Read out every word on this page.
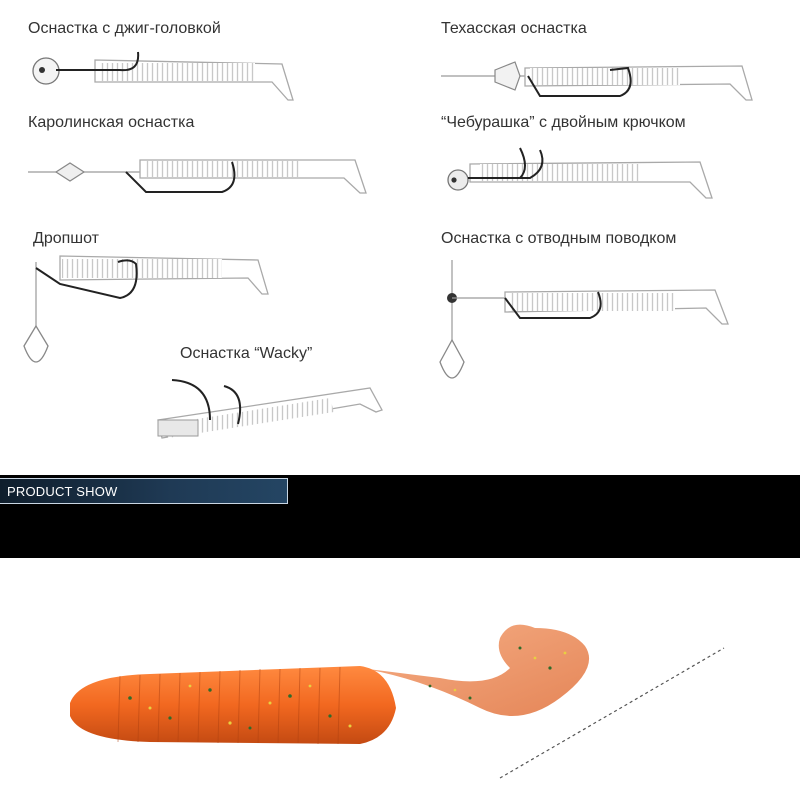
Оснастка с джиг-головкой	Техасская оснастка
Каролинская оснастка	“Чебурашка” с двойным крючком
Дропшот	Оснастка с отводным поводком
Оснастка “Wacky”
PRODUCT SHOW
